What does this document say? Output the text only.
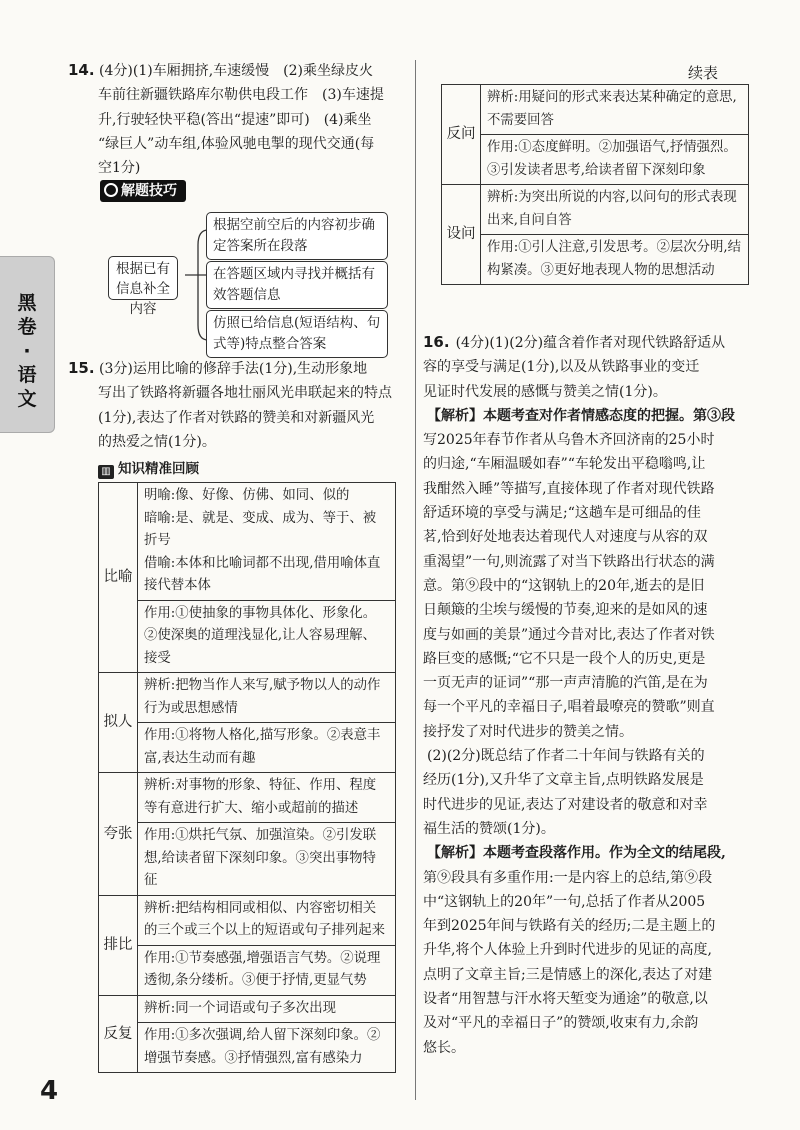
黑
卷
·
语
文

14. (4分)(1)车厢拥挤,车速缓慢　(2)乘坐绿皮火

车前往新疆铁路库尔勒供电段工作　(3)车速提

升,行驶轻快平稳(答出“提速”即可)　(4)乘坐

“绿巨人”动车组,体验风驰电掣的现代交通(每

空1分)

解题技巧
根据已有信息补全内容
根据空前空后的内容初步确定答案所在段落
在答题区域内寻找并概括有效答题信息
仿照已给信息(短语结构、句式等)特点整合答案

15. (3分)运用比喻的修辞手法(1分),生动形象地

写出了铁路将新疆各地壮丽风光串联起来的特点

(1分),表达了作者对铁路的赞美和对新疆风光

的热爱之情(1分)。

▥ 知识精准回顾
比喻	明喻:像、好像、仿佛、如同、似的
暗喻:是、就是、变成、成为、等于、被折号
借喻:本体和比喻词都不出现,借用喻体直接代替本体

	作用:①使抽象的事物具体化、形象化。②使深奥的道理浅显化,让人容易理解、接受

拟人	辨析:把物当作人来写,赋予物以人的动作行为或思想感情

	作用:①将物人格化,描写形象。②表意丰富,表达生动而有趣

夸张	辨析:对事物的形象、特征、作用、程度等有意进行扩大、缩小或超前的描述

	作用:①烘托气氛、加强渲染。②引发联想,给读者留下深刻印象。③突出事物特征

排比	辨析:把结构相同或相似、内容密切相关的三个或三个以上的短语或句子排列起来

	作用:①节奏感强,增强语言气势。②说理透彻,条分缕析。③便于抒情,更显气势

反复	辨析:同一个词语或句子多次出现

	作用:①多次强调,给人留下深刻印象。②增强节奏感。③抒情强烈,富有感染力
续表
反问	辨析:用疑问的形式来表达某种确定的意思,不需要回答

	作用:①态度鲜明。②加强语气,抒情强烈。③引发读者思考,给读者留下深刻印象

设问	辨析:为突出所说的内容,以问句的形式表现出来,自问自答

	作用:①引人注意,引发思考。②层次分明,结构紧凑。③更好地表现人物的思想活动

16. (4分)(1)(2分)蕴含着作者对现代铁路舒适从

容的享受与满足(1分),以及从铁路事业的变迁

见证时代发展的感慨与赞美之情(1分)。

【解析】本题考查对作者情感态度的把握。第③段

写2025年春节作者从乌鲁木齐回济南的25小时

的归途,“车厢温暖如春”“车轮发出平稳嗡鸣,让

我酣然入睡”等描写,直接体现了作者对现代铁路

舒适环境的享受与满足;“这趟车是可细品的佳

茗,恰到好处地表达着现代人对速度与从容的双

重渴望”一句,则流露了对当下铁路出行状态的满

意。第⑨段中的“这钢轨上的20年,逝去的是旧

日颠簸的尘埃与缓慢的节奏,迎来的是如风的速

度与如画的美景”通过今昔对比,表达了作者对铁

路巨变的感慨;“它不只是一段个人的历史,更是

一页无声的证词”“那一声声清脆的汽笛,是在为

每一个平凡的幸福日子,唱着最嘹亮的赞歌”则直

接抒发了对时代进步的赞美之情。

(2)(2分)既总结了作者二十年间与铁路有关的

经历(1分),又升华了文章主旨,点明铁路发展是

时代进步的见证,表达了对建设者的敬意和对幸

福生活的赞颂(1分)。

【解析】本题考查段落作用。作为全文的结尾段,

第⑨段具有多重作用:一是内容上的总结,第⑨段

中“这钢轨上的20年”一句,总括了作者从2005

年到2025年间与铁路有关的经历;二是主题上的

升华,将个人体验上升到时代进步的见证的高度,

点明了文章主旨;三是情感上的深化,表达了对建

设者“用智慧与汗水将天堑变为通途”的敬意,以

及对“平凡的幸福日子”的赞颂,收束有力,余韵

悠长。

4
